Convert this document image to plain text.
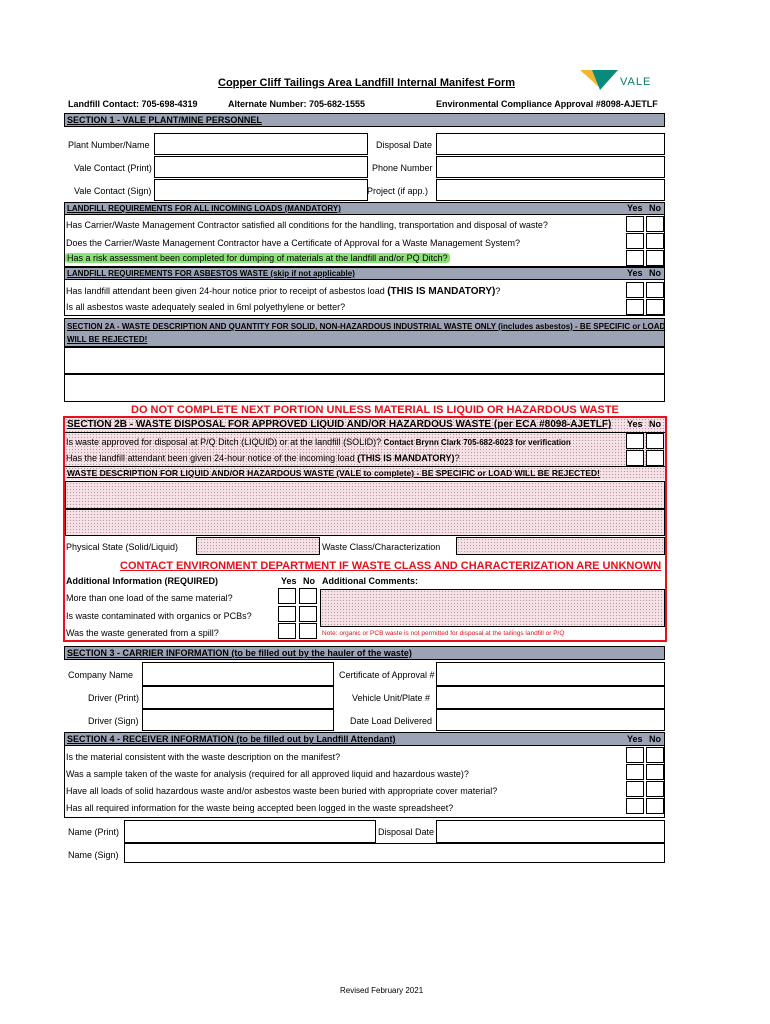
Copper Cliff Tailings Area Landfill Internal Manifest Form	VALE
Landfill Contact: 705-698-4319	Alternate Number: 705-682-1555	Environmental Compliance Approval #8098-AJETLF
SECTION 1 - VALE PLANT/MINE PERSONNEL
Plant Number/Name	Disposal Date
Vale Contact (Print)	Phone Number
Vale Contact (Sign)	Project (if app.)
LANDFILL REQUIREMENTS FOR ALL INCOMING LOADS (MANDATORY)	Yes No
Has Carrier/Waste Management Contractor satisfied all conditions for the handling, transportation and disposal of waste?
Does the Carrier/Waste Management Contractor have a Certificate of Approval for a Waste Management System?
Has a risk assessment been completed for dumping of materials at the landfill and/or PQ Ditch?
LANDFILL REQUIREMENTS FOR ASBESTOS WASTE (skip if not applicable)	Yes No
Has landfill attendant been given 24-hour notice prior to receipt of asbestos load (THIS IS MANDATORY)?
Is all asbestos waste adequately sealed in 6ml polyethylene or better?
SECTION 2A - WASTE DESCRIPTION AND QUANTITY FOR SOLID, NON-HAZARDOUS INDUSTRIAL WASTE ONLY (includes asbestos) - BE SPECIFIC or LOAD
WILL BE REJECTED!
DO NOT COMPLETE NEXT PORTION UNLESS MATERIAL IS LIQUID OR HAZARDOUS WASTE
SECTION 2B - WASTE DISPOSAL FOR APPROVED LIQUID AND/OR HAZARDOUS WASTE (per ECA #8098-AJETLF) Yes No
Is waste approved for disposal at P/Q Ditch (LIQUID) or at the landfill (SOLID)? Contact Brynn Clark 705-682-6023 for verification
Has the landfill attendant been given 24-hour notice of the incoming load (THIS IS MANDATORY)?
WASTE DESCRIPTION FOR LIQUID AND/OR HAZARDOUS WASTE (VALE to complete) - BE SPECIFIC or LOAD WILL BE REJECTED!
Physical State (Solid/Liquid)	Waste Class/Characterization
CONTACT ENVIRONMENT DEPARTMENT IF WASTE CLASS AND CHARACTERIZATION ARE UNKNOWN
Additional Information (REQUIRED)	Yes No Additional Comments:
More than one load of the same material?
Is waste contaminated with organics or PCBs?
Was the waste generated from a spill?	Note: organic or PCB waste is not permitted for disposal at the tailings landfill or P/Q
SECTION 3 - CARRIER INFORMATION (to be filled out by the hauler of the waste)
Company Name	Certificate of Approval #
Driver (Print)	Vehicle Unit/Plate #
Driver (Sign)	Date Load Delivered
SECTION 4 - RECEIVER INFORMATION (to be filled out by Landfill Attendant)	Yes No
Is the material consistent with the waste description on the manifest?
Was a sample taken of the waste for analysis (required for all approved liquid and hazardous waste)?
Have all loads of solid hazardous waste and/or asbestos waste been buried with appropriate cover material?
Has all required information for the waste being accepted been logged in the waste spreadsheet?
Name (Print)	Disposal Date
Name (Sign)
Revised February 2021
